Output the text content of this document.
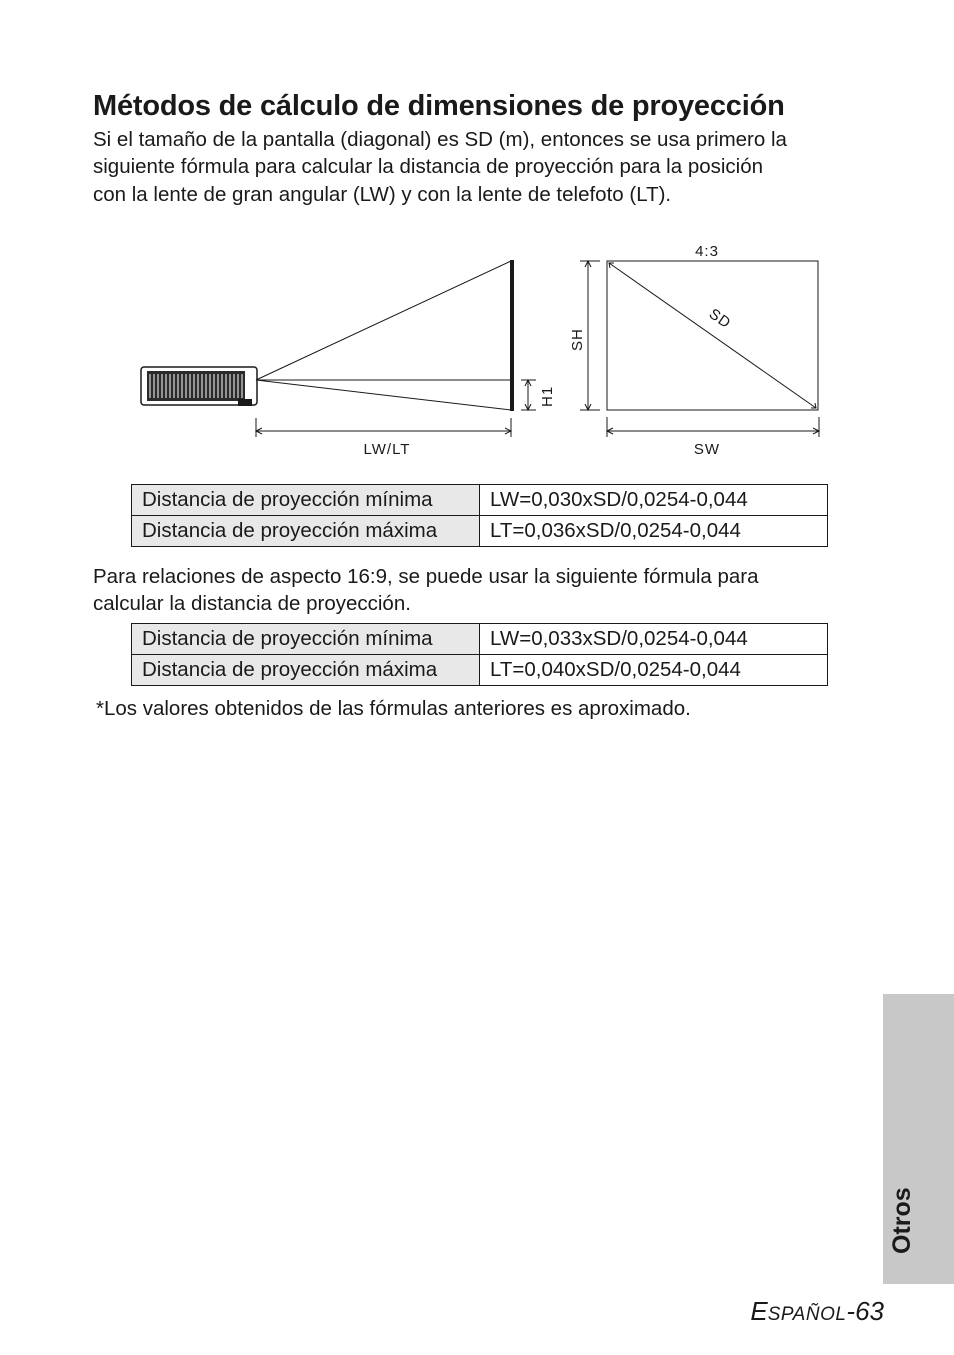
Métodos de cálculo de dimensiones de proyección

Si el tamaño de la pantalla (diagonal) es SD (m), entonces se usa primero la
siguiente fórmula para calcular la distancia de proyección para la posición
con la lente de gran angular (LW) y con la lente de telefoto (LT).

H1
LW/LT
4:3
SD
SH
SW
Distancia de proyección mínima	LW=0,030xSD/0,0254-0,044
Distancia de proyección máxima	LT=0,036xSD/0,0254-0,044

Para relaciones de aspecto 16:9, se puede usar la siguiente fórmula para
calcular la distancia de proyección.

Distancia de proyección mínima	LW=0,033xSD/0,0254-0,044
Distancia de proyección máxima	LT=0,040xSD/0,0254-0,044

*Los valores obtenidos de las fórmulas anteriores es aproximado.

Otros
ESPAÑOL-63
